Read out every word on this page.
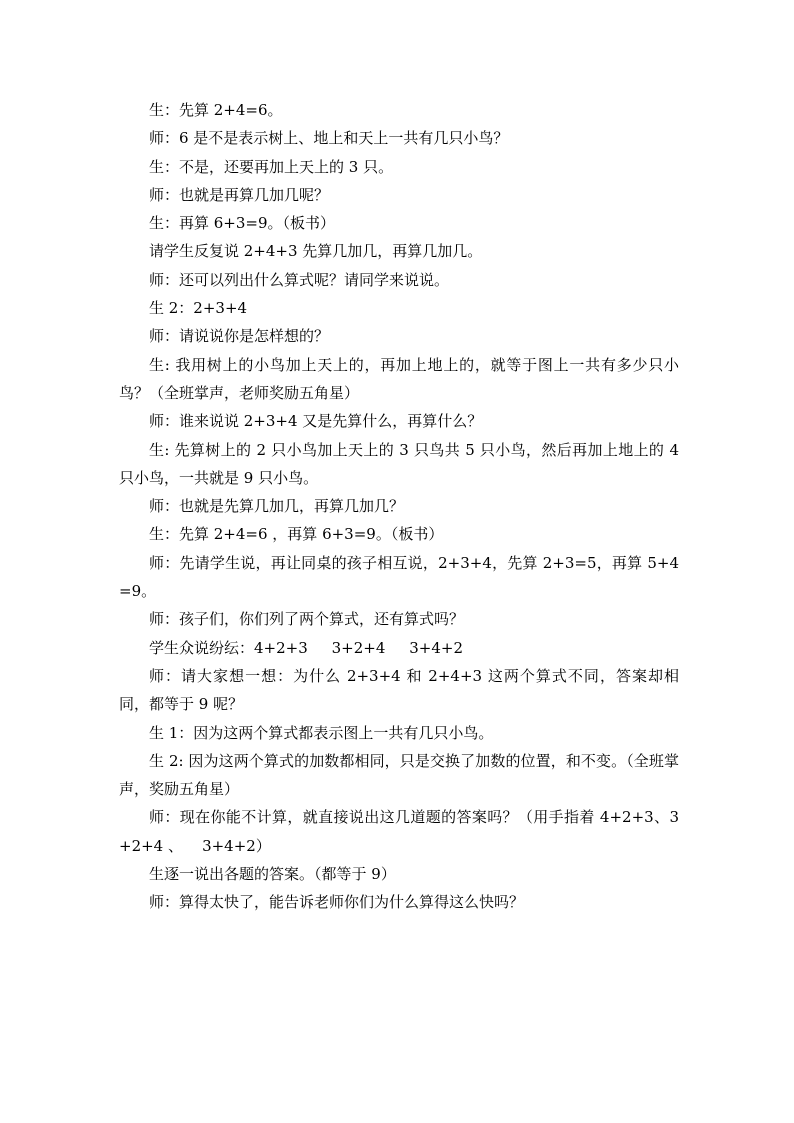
生：先算 2+4=6。

师：6 是不是表示树上、地上和天上一共有几只小鸟？

生：不是，还要再加上天上的 3 只。

师：也就是再算几加几呢？

生：再算 6+3=9。（板书）

请学生反复说 2+4+3 先算几加几，再算几加几。

师：还可以列出什么算式呢？请同学来说说。

生 2：2+3+4

师：请说说你是怎样想的？

生: 我用树上的小鸟加上天上的，再加上地上的，就等于图上一共有多少只小鸟？（全班掌声，老师奖励五角星）

师：谁来说说 2+3+4 又是先算什么，再算什么？

生: 先算树上的 2 只小鸟加上天上的 3 只鸟共 5 只小鸟，然后再加上地上的 4 只小鸟，一共就是 9 只小鸟。

师：也就是先算几加几，再算几加几？

生：先算 2+4=6 ，再算 6+3=9。（板书）

师：先请学生说，再让同桌的孩子相互说，2+3+4，先算 2+3=5，再算 5+4=9。

师：孩子们，你们列了两个算式，还有算式吗？

学生众说纷纭：4+2+3     3+2+4     3+4+2

师：请大家想一想：为什么 2+3+4 和 2+4+3 这两个算式不同，答案却相同，都等于 9 呢？

生 1：因为这两个算式都表示图上一共有几只小鸟。

生 2: 因为这两个算式的加数都相同，只是交换了加数的位置，和不变。（全班掌声，奖励五角星）

师：现在你能不计算，就直接说出这几道题的答案吗？（用手指着 4+2+3、3+2+4 、    3+4+2）

生逐一说出各题的答案。（都等于 9）

师：算得太快了，能告诉老师你们为什么算得这么快吗？
